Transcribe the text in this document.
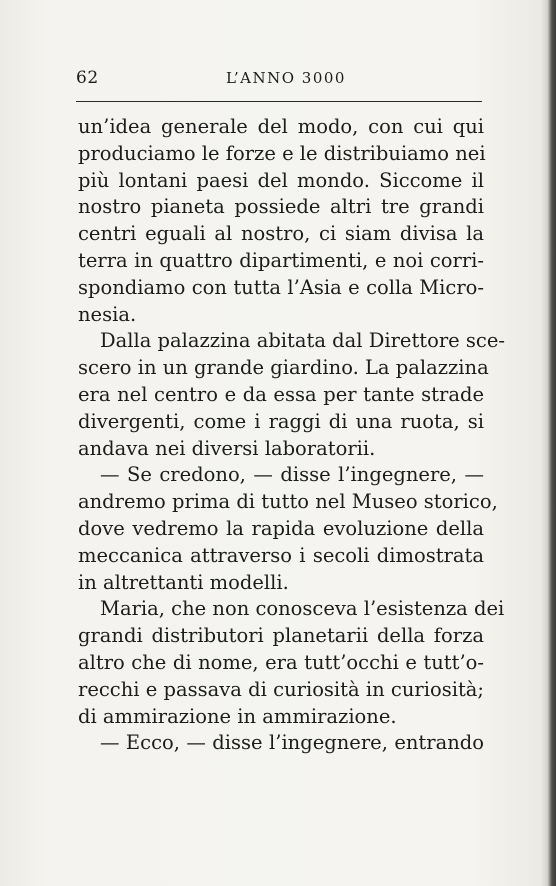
62	L’ANNO 3000
un’idea generale del modo, con cui qui
produciamo le forze e le distribuiamo nei
più lontani paesi del mondo. Siccome il
nostro pianeta possiede altri tre grandi
centri eguali al nostro, ci siam divisa la
terra in quattro dipartimenti, e noi corri-
spondiamo con tutta l’Asia e colla Micro-
nesia.
Dalla palazzina abitata dal Direttore sce-
scero in un grande giardino. La palazzina
era nel centro e da essa per tante strade
divergenti, come i raggi di una ruota, si
andava nei diversi laboratorii.
— Se credono, — disse l’ingegnere, —
andremo prima di tutto nel Museo storico,
dove vedremo la rapida evoluzione della
meccanica attraverso i secoli dimostrata
in altrettanti modelli.
Maria, che non conosceva l’esistenza dei
grandi distributori planetarii della forza
altro che di nome, era tutt’occhi e tutt’o-
recchi e passava di curiosità in curiosità;
di ammirazione in ammirazione.
— Ecco, — disse l’ingegnere, entrando
